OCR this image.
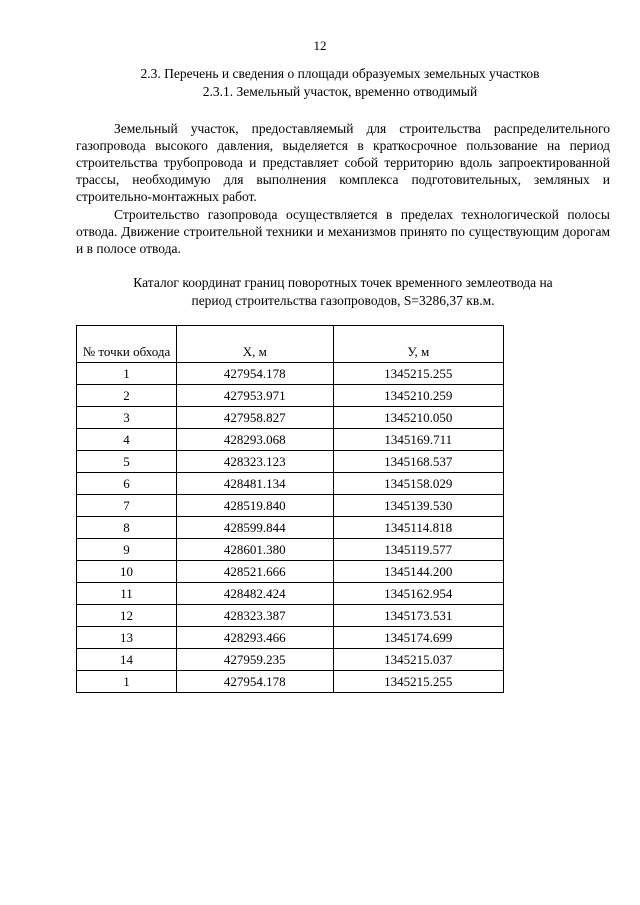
12
2.3. Перечень и сведения о площади образуемых земельных участков
2.3.1. Земельный участок, временно отводимый

Земельный участок, предоставляемый для строительства распределительного газопровода высокого давления, выделяется в краткосрочное пользование на период строительства трубопровода и представляет собой территорию вдоль запроектированной трассы, необходимую для выполнения комплекса подготовительных, земляных и строительно-монтажных работ.

Строительство газопровода осуществляется в пределах технологической полосы отвода. Движение строительной техники и механизмов принято по существующим дорогам и в полосе отвода.

Каталог координат границ поворотных точек временного землеотвода на
период строительства газопроводов, S=3286,37 кв.м.
№ точки обхода	Х, м	У, м
1	427954.178	1345215.255
2	427953.971	1345210.259
3	427958.827	1345210.050
4	428293.068	1345169.711
5	428323.123	1345168.537
6	428481.134	1345158.029
7	428519.840	1345139.530
8	428599.844	1345114.818
9	428601.380	1345119.577
10	428521.666	1345144.200
11	428482.424	1345162.954
12	428323.387	1345173.531
13	428293.466	1345174.699
14	427959.235	1345215.037
1	427954.178	1345215.255
